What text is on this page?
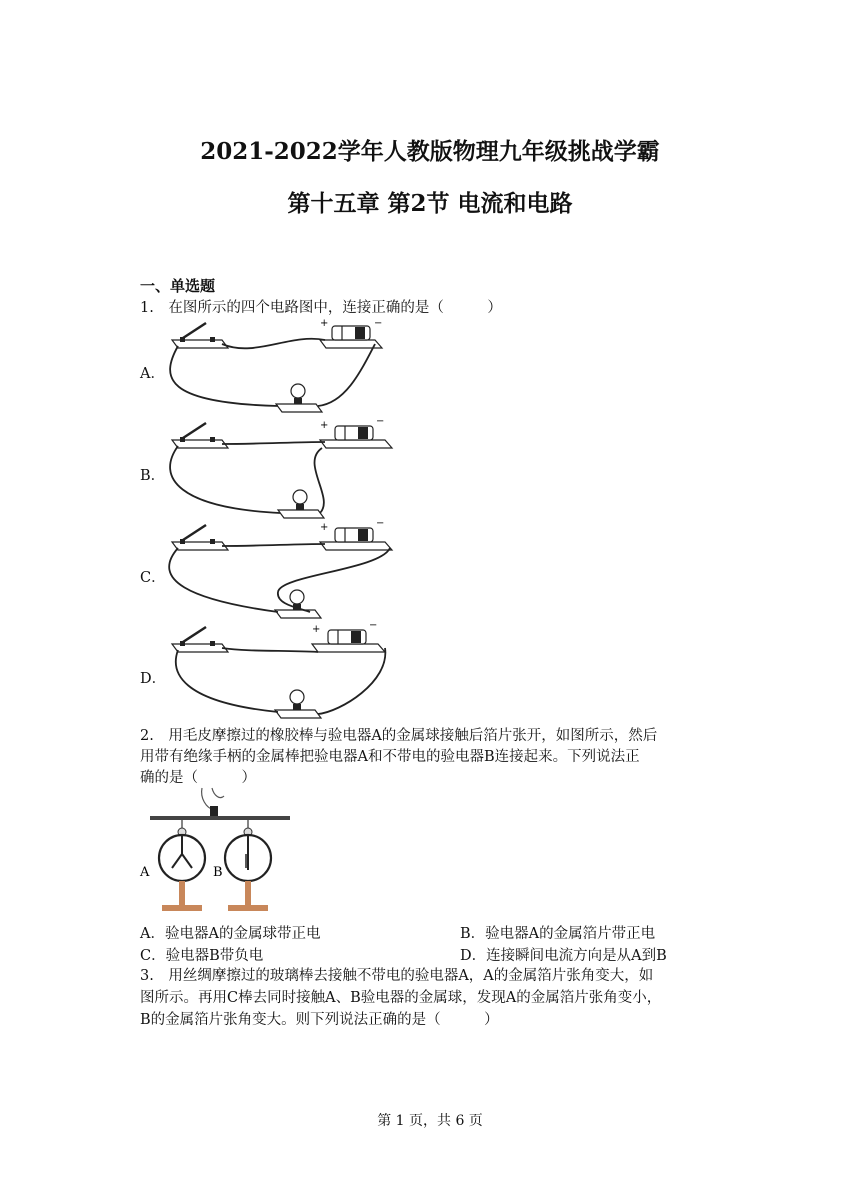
2021-2022学年人教版物理九年级挑战学霸
第十五章 第2节 电流和电路
一、单选题
1.　在图所示的四个电路图中，连接正确的是（　　　）
A．
B．
C．
D．
+	−
+	−
+	−
+	−
2.　用毛皮摩擦过的橡胶棒与验电器A的金属球接触后箔片张开，如图所示，然后
用带有绝缘手柄的金属棒把验电器A和不带电的验电器B连接起来。下列说法正
确的是（　　　）
A	B
A．验电器A的金属球带正电	B．验电器A的金属箔片带正电
C．验电器B带负电	D．连接瞬间电流方向是从A到B
3.　用丝绸摩擦过的玻璃棒去接触不带电的验电器A，A的金属箔片张角变大，如
图所示。再用C棒去同时接触A、B验电器的金属球，发现A的金属箔片张角变小，
B的金属箔片张角变大。则下列说法正确的是（　　　）
第 1 页，共 6 页
